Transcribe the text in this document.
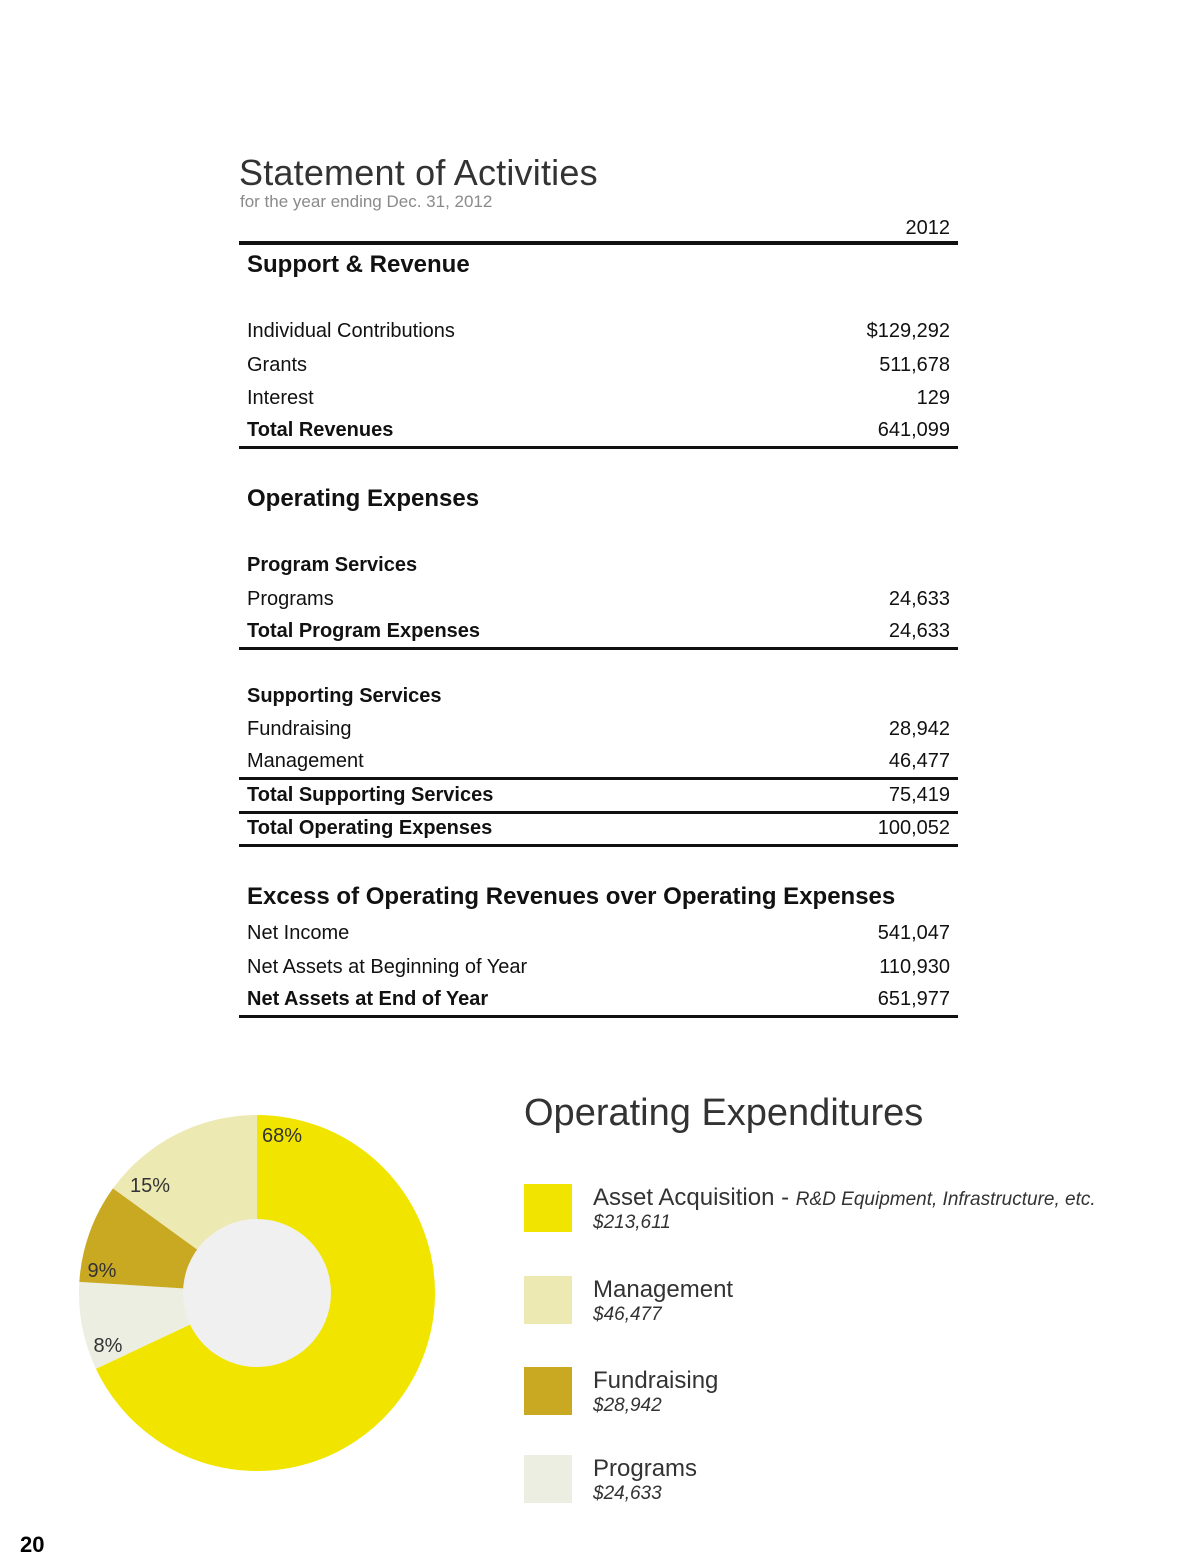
Statement of Activities
for the year ending Dec. 31, 2012
2012
Support & Revenue
Individual Contributions	$129,292
Grants	511,678
Interest	129
Total Revenues	641,099
Operating Expenses
Program Services
Programs	24,633
Total Program Expenses	24,633
Supporting Services
Fundraising	28,942
Management	46,477
Total Supporting Services	75,419
Total Operating Expenses	100,052
Excess of Operating Revenues over Operating Expenses
Net Income	541,047
Net Assets at Beginning of Year	110,930
Net Assets at End of Year	651,977
68%
8%
9%
15%
Operating Expenditures
Asset Acquisition - R&D Equipment, Infrastructure, etc.
$213,611
Management
$46,477
Fundraising
$28,942
Programs
$24,633
20
